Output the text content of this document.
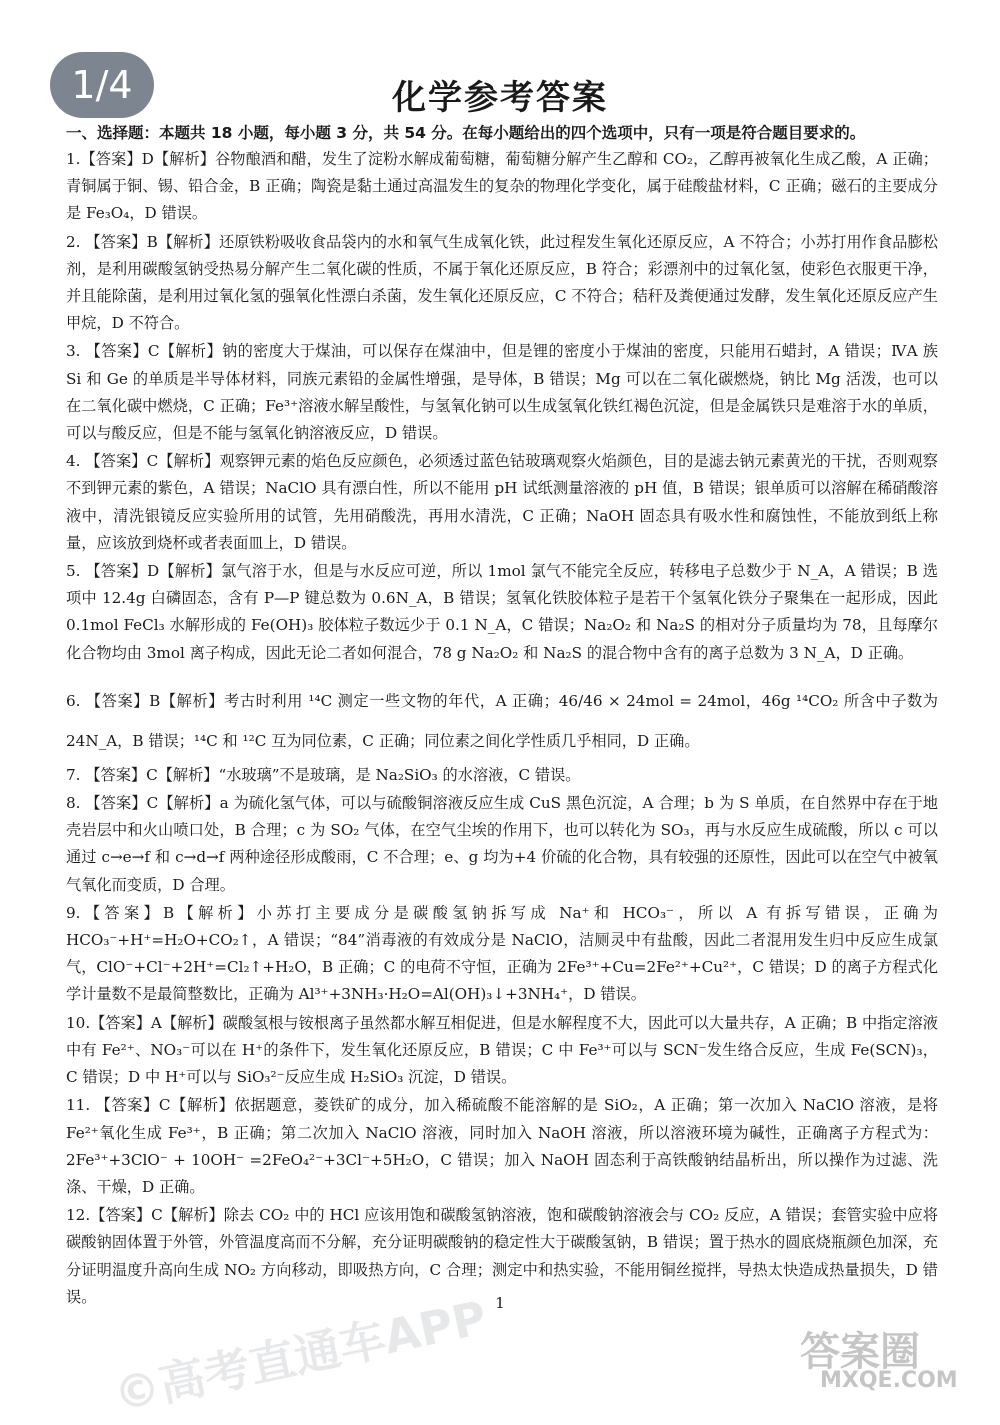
1/4	化学参考答案
一、选择题：本题共 18 小题，每小题 3 分，共 54 分。在每小题给出的四个选项中，只有一项是符合题目要求的。

1.【答案】D【解析】谷物酿酒和醋，发生了淀粉水解成葡萄糖，葡萄糖分解产生乙醇和 CO₂，乙醇再被氧化生成乙酸，A 正确；青铜属于铜、锡、铅合金，B 正确；陶瓷是黏土通过高温发生的复杂的物理化学变化，属于硅酸盐材料，C 正确；磁石的主要成分是 Fe₃O₄，D 错误。

2. 【答案】B【解析】还原铁粉吸收食品袋内的水和氧气生成氧化铁，此过程发生氧化还原反应，A 不符合；小苏打用作食品膨松剂，是利用碳酸氢钠受热易分解产生二氧化碳的性质，不属于氧化还原反应，B 符合；彩漂剂中的过氧化氢，使彩色衣服更干净，并且能除菌，是利用过氧化氢的强氧化性漂白杀菌，发生氧化还原反应，C 不符合；秸秆及粪便通过发酵，发生氧化还原反应产生甲烷，D 不符合。

3. 【答案】C【解析】钠的密度大于煤油，可以保存在煤油中，但是锂的密度小于煤油的密度，只能用石蜡封，A 错误；ⅣA 族 Si 和 Ge 的单质是半导体材料，同族元素铅的金属性增强，是导体，B 错误；Mg 可以在二氧化碳燃烧，钠比 Mg 活泼，也可以在二氧化碳中燃烧，C 正确；Fe³⁺溶液水解呈酸性，与氢氧化钠可以生成氢氧化铁红褐色沉淀，但是金属铁只是难溶于水的单质，可以与酸反应，但是不能与氢氧化钠溶液反应，D 错误。

4. 【答案】C【解析】观察钾元素的焰色反应颜色，必须透过蓝色钴玻璃观察火焰颜色，目的是滤去钠元素黄光的干扰，否则观察不到钾元素的紫色，A 错误；NaClO 具有漂白性，所以不能用 pH 试纸测量溶液的 pH 值，B 错误；银单质可以溶解在稀硝酸溶液中，清洗银镜反应实验所用的试管，先用硝酸洗，再用水清洗，C 正确；NaOH 固态具有吸水性和腐蚀性，不能放到纸上称量，应该放到烧杯或者表面皿上，D 错误。

5. 【答案】D【解析】氯气溶于水，但是与水反应可逆，所以 1mol 氯气不能完全反应，转移电子总数少于 N_A，A 错误；B 选项中 12.4g 白磷固态，含有 P—P 键总数为 0.6N_A，B 错误；氢氧化铁胶体粒子是若干个氢氧化铁分子聚集在一起形成，因此 0.1mol FeCl₃ 水解形成的 Fe(OH)₃ 胶体粒子数远少于 0.1 N_A，C 错误；Na₂O₂ 和 Na₂S 的相对分子质量均为 78，且每摩尔化合物均由 3mol 离子构成，因此无论二者如何混合，78 g Na₂O₂ 和 Na₂S 的混合物中含有的离子总数为 3 N_A，D 正确。

6. 【答案】B【解析】考古时利用 ¹⁴C 测定一些文物的年代，A 正确；46/46 × 24mol = 24mol，46g ¹⁴CO₂ 所含中子数为 24N_A，B 错误；¹⁴C 和 ¹²C 互为同位素，C 正确；同位素之间化学性质几乎相同，D 正确。

7. 【答案】C【解析】“水玻璃”不是玻璃，是 Na₂SiO₃ 的水溶液，C 错误。

8. 【答案】C【解析】a 为硫化氢气体，可以与硫酸铜溶液反应生成 CuS 黑色沉淀，A 合理；b 为 S 单质，在自然界中存在于地壳岩层中和火山喷口处，B 合理；c 为 SO₂ 气体，在空气尘埃的作用下，也可以转化为 SO₃，再与水反应生成硫酸，所以 c 可以通过 c→e→f 和 c→d→f 两种途径形成酸雨，C 不合理；e、g 均为+4 价硫的化合物，具有较强的还原性，因此可以在空气中被氧气氧化而变质，D 合理。

9.【答案】B【解析】小苏打主要成分是碳酸氢钠拆写成 Na⁺和 HCO₃⁻，所以 A 有拆写错误，正确为 HCO₃⁻+H⁺=H₂O+CO₂↑，A 错误；“84”消毒液的有效成分是 NaClO，洁厕灵中有盐酸，因此二者混用发生归中反应生成氯气，ClO⁻+Cl⁻+2H⁺=Cl₂↑+H₂O，B 正确；C 的电荷不守恒，正确为 2Fe³⁺+Cu=2Fe²⁺+Cu²⁺，C 错误；D 的离子方程式化学计量数不是最简整数比，正确为 Al³⁺+3NH₃·H₂O=Al(OH)₃↓+3NH₄⁺，D 错误。

10.【答案】A【解析】碳酸氢根与铵根离子虽然都水解互相促进，但是水解程度不大，因此可以大量共存，A 正确；B 中指定溶液中有 Fe²⁺、NO₃⁻可以在 H⁺的条件下，发生氧化还原反应，B 错误；C 中 Fe³⁺可以与 SCN⁻发生络合反应，生成 Fe(SCN)₃，C 错误；D 中 H⁺可以与 SiO₃²⁻反应生成 H₂SiO₃ 沉淀，D 错误。

11. 【答案】C【解析】依据题意，菱铁矿的成分，加入稀硫酸不能溶解的是 SiO₂，A 正确；第一次加入 NaClO 溶液，是将 Fe²⁺氧化生成 Fe³⁺，B 正确；第二次加入 NaClO 溶液，同时加入 NaOH 溶液，所以溶液环境为碱性，正确离子方程式为：2Fe³⁺+3ClO⁻ + 10OH⁻ =2FeO₄²⁻+3Cl⁻+5H₂O，C 错误；加入 NaOH 固态利于高铁酸钠结晶析出，所以操作为过滤、洗涤、干燥，D 正确。

12.【答案】C【解析】除去 CO₂ 中的 HCl 应该用饱和碳酸氢钠溶液，饱和碳酸钠溶液会与 CO₂ 反应，A 错误；套管实验中应将碳酸钠固体置于外管，外管温度高而不分解，充分证明碳酸钠的稳定性大于碳酸氢钠，B 错误；置于热水的圆底烧瓶颜色加深，充分证明温度升高向生成 NO₂ 方向移动，即吸热方向，C 合理；测定中和热实验，不能用铜丝搅拌，导热太快造成热量损失，D 错误。	1
©高考直通车APP	答案圈
MXQE.COM
